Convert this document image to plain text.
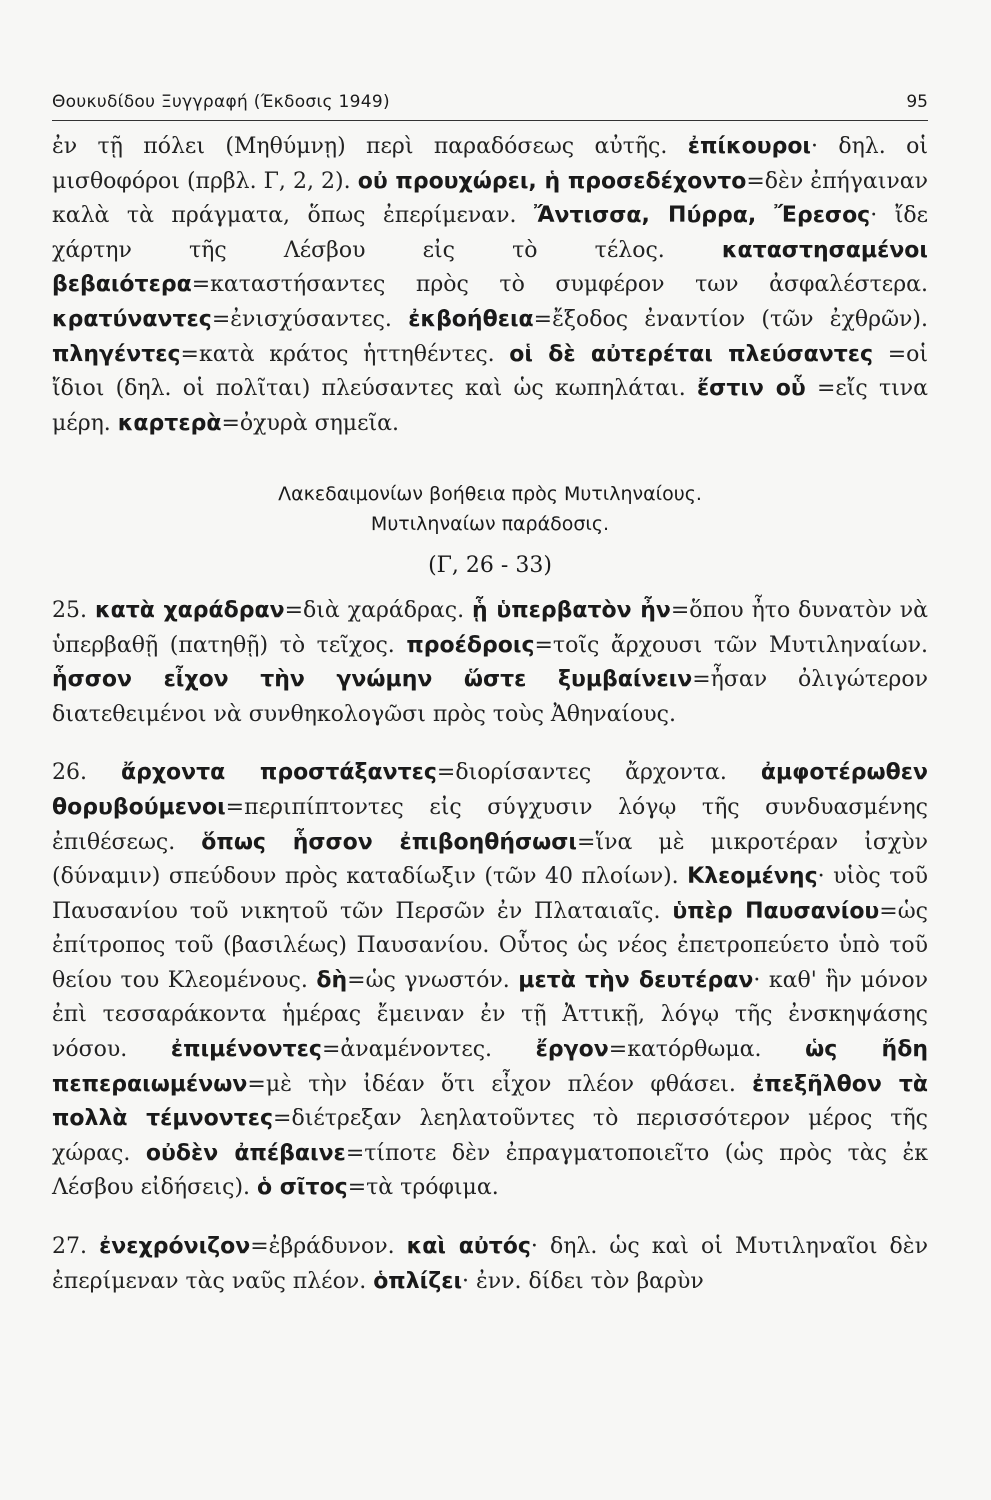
Θουκυδίδου Ξυγγραφή (Έκδοσις 1949)	95

ἐν τῇ πόλει (Μηθύμνῃ) περὶ παραδόσεως αὐτῆς. ἐπίκουροι· δηλ. οἱ μισθοφόροι (πρβλ. Γ, 2, 2). οὐ προυχώρει, ἡ προσεδέχοντο=δὲν ἐπήγαιναν καλὰ τὰ πράγματα, ὅπως ἐπερίμεναν. Ἄντισσα, Πύρρα, Ἔρεσος· ἴδε χάρτην τῆς Λέσβου εἰς τὸ τέλος. καταστησαμένοι βεβαιότερα=καταστήσαντες πρὸς τὸ συμφέρον των ἀσφαλέστερα. κρατύναντες=ἐνισχύσαντες. ἐκβοήθεια=ἔξοδος ἐναντίον (τῶν ἐχθρῶν). πληγέντες=κατὰ κράτος ἡττηθέντες. οἱ δὲ αὐτερέται πλεύσαντες =οἱ ἴδιοι (δηλ. οἱ πολῖται) πλεύσαντες καὶ ὡς κωπηλάται. ἔστιν οὗ =εἴς τινα μέρη. καρτερὰ=ὀχυρὰ σημεῖα.

Λακεδαιμονίων βοήθεια πρὸς Μυτιληναίους.

Μυτιληναίων παράδοσις.

(Γ, 26 - 33)

25. κατὰ χαράδραν=διὰ χαράδρας. ᾗ ὑπερβατὸν ἦν=ὅπου ἦτο δυνατὸν νὰ ὑπερβαθῇ (πατηθῇ) τὸ τεῖχος. προέδροις=τοῖς ἄρχουσι τῶν Μυτιληναίων. ἧσσον εἶχον τὴν γνώμην ὥστε ξυμβαίνειν=ἦσαν ὀλιγώτερον διατεθειμένοι νὰ συνθηκολογῶσι πρὸς τοὺς Ἀθηναίους.

26. ἄρχοντα προστάξαντες=διορίσαντες ἄρχοντα. ἀμφοτέρωθεν θορυβούμενοι=περιπίπτοντες εἰς σύγχυσιν λόγῳ τῆς συνδυασμένης ἐπιθέσεως. ὅπως ἧσσον ἐπιβοηθήσωσι=ἵνα μὲ μικροτέραν ἰσχὺν (δύναμιν) σπεύδουν πρὸς καταδίωξιν (τῶν 40 πλοίων). Κλεομένης· υἱὸς τοῦ Παυσανίου τοῦ νικητοῦ τῶν Περσῶν ἐν Πλαταιαῖς. ὑπὲρ Παυσανίου=ὡς ἐπίτροπος τοῦ (βασιλέως) Παυσανίου. Οὗτος ὡς νέος ἐπετροπεύετο ὑπὸ τοῦ θείου του Κλεομένους. δὴ=ὡς γνωστόν. μετὰ τὴν δευτέραν· καθ' ἣν μόνον ἐπὶ τεσσαράκοντα ἡμέρας ἔμειναν ἐν τῇ Ἀττικῇ, λόγῳ τῆς ἐνσκηψάσης νόσου. ἐπιμένοντες=ἀναμένοντες. ἔργον=κατόρθωμα. ὡς ἤδη πεπεραιωμένων=μὲ τὴν ἰδέαν ὅτι εἶχον πλέον φθάσει. ἐπεξῆλθον τὰ πολλὰ τέμνοντες=διέτρεξαν λεηλατοῦντες τὸ περισσότερον μέρος τῆς χώρας. οὐδὲν ἀπέβαινε=τίποτε δὲν ἐπραγματοποιεῖτο (ὡς πρὸς τὰς ἐκ Λέσβου εἰδήσεις). ὁ σῖτος=τὰ τρόφιμα.

27. ἐνεχρόνιζον=ἐβράδυνον. καὶ αὐτός· δηλ. ὡς καὶ οἱ Μυτιληναῖοι δὲν ἐπερίμεναν τὰς ναῦς πλέον. ὁπλίζει· ἐνν. δίδει τὸν βαρὺν
